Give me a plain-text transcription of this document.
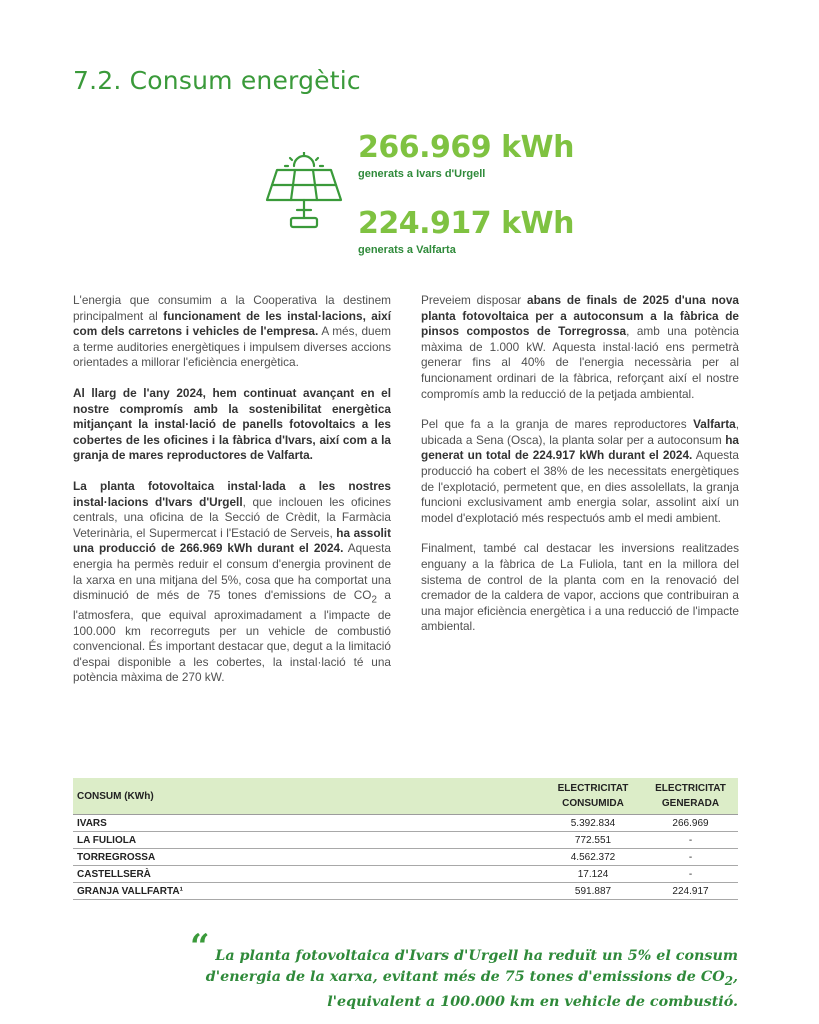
7.2. Consum energètic
266.969 kWh
generats a Ivars d'Urgell
224.917 kWh
generats a Valfarta

L'energia que consumim a la Cooperativa la destinem principalment al funcionament de les instal·lacions, així com dels carretons i vehicles de l'empresa. A més, duem a terme auditories energètiques i impulsem diverses accions orientades a millorar l'eficiència energètica.

Al llarg de l'any 2024, hem continuat avançant en el nostre compromís amb la sostenibilitat energètica mitjançant la instal·lació de panells fotovoltaics a les cobertes de les oficines i la fàbrica d'Ivars, així com a la granja de mares reproductores de Valfarta.

La planta fotovoltaica instal·lada a les nostres instal·lacions d'Ivars d'Urgell, que inclouen les oficines centrals, una oficina de la Secció de Crèdit, la Farmàcia Veterinària, el Supermercat i l'Estació de Serveis, ha assolit una producció de 266.969 kWh durant el 2024. Aquesta energia ha permès reduir el consum d'energia provinent de la xarxa en una mitjana del 5%, cosa que ha comportat una disminució de més de 75 tones d'emissions de $CO_2$ a l'atmosfera, que equival aproximadament a l'impacte de 100.000 km recorreguts per un vehicle de combustió convencional. És important destacar que, degut a la limitació d'espai disponible a les cobertes, la instal·lació té una potència màxima de 270 kW.

Preveiem disposar abans de finals de 2025 d'una nova planta fotovoltaica per a autoconsum a la fàbrica de pinsos compostos de Torregrossa, amb una potència màxima de 1.000 kW. Aquesta instal·lació ens permetrà generar fins al 40% de l'energia necessària per al funcionament ordinari de la fàbrica, reforçant així el nostre compromís amb la reducció de la petjada ambiental.

Pel que fa a la granja de mares reproductores Valfarta, ubicada a Sena (Osca), la planta solar per a autoconsum ha generat un total de 224.917 kWh durant el 2024. Aquesta producció ha cobert el 38% de les necessitats energètiques de l'explotació, permetent que, en dies assolellats, la granja funcioni exclusivament amb energia solar, assolint així un model d'explotació més respectuós amb el medi ambient.

Finalment, també cal destacar les inversions realitzades enguany a la fàbrica de La Fuliola, tant en la millora del sistema de control de la planta com en la renovació del cremador de la caldera de vapor, accions que contribuiran a una major eficiència energètica i a una reducció de l'impacte ambiental.

CONSUM (KWh)	ELECTRICITAT CONSUMIDA	ELECTRICITAT GENERADA
IVARS	5.392.834	266.969
LA FULIOLA	772.551	-
TORREGROSSA	4.562.372	-
CASTELLSERÀ	17.124	-
GRANJA VALLFARTA¹	591.887	224.917
“ La planta fotovoltaica d'Ivars d'Urgell ha reduït un 5% el consum d'energia de la xarxa, evitant més de 75 tones d'emissions de $CO_2$, l'equivalent a 100.000 km en vehicle de combustió.
